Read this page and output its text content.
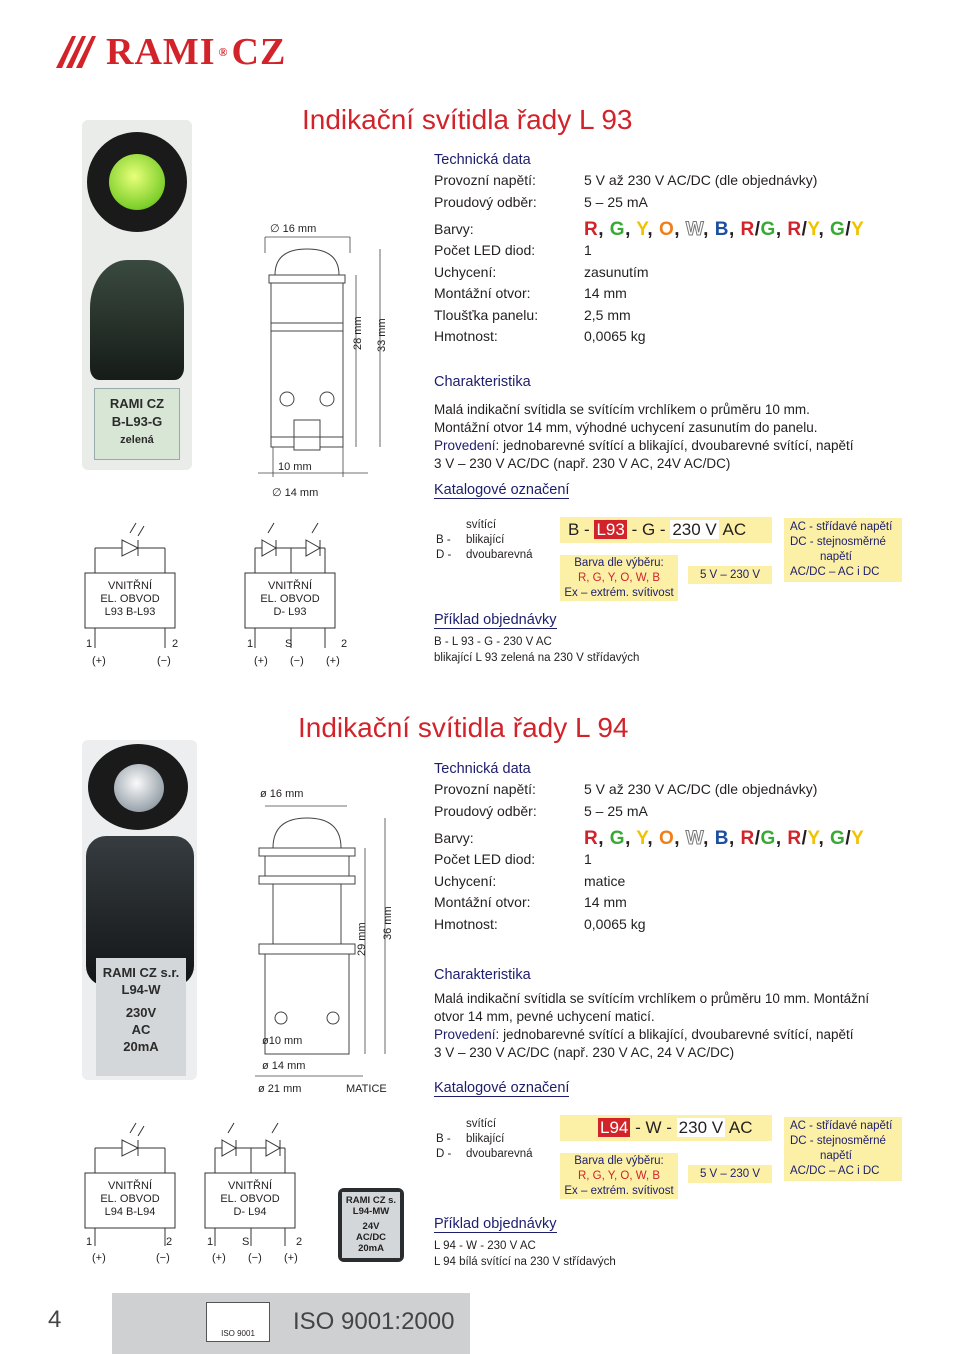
RAMI ® CZ
Indikační svítidla řady L 93
RAMI CZ
B-L93-G
zelená
∅ 16 mm
28 mm 33 mm
10 mm
∅ 14 mm
Technická data
Provozní napětí:	5 V až 230 V AC/DC (dle objednávky)
Proudový odběr:	5 – 25 mA
Barvy:	R, G, Y, O, W, B, R/G, R/Y, G/Y
Počet LED diod:	1
Uchycení:	zasunutím
Montážní otvor:	14 mm
Tloušťka panelu:	2,5 mm
Hmotnost:	0,0065 kg
Charakteristika
Malá indikační svítidla se svítícím vrchlíkem o průměru 10 mm.
Montážní otvor 14 mm, výhodné uchycení zasunutím do panelu.
Provedení: jednobarevné svítící a blikající, dvoubarevné svítící, napětí
3 V – 230 V AC/DC (např. 230 V AC, 24V AC/DC)
Katalogové označení
VNITŘNÍ
EL. OBVOD
L93 B-L93
VNITŘNÍ
EL. OBVOD
D- L93
1	2
(+)	(−)
1	S	2
(+) (−) (+)
svítící
B - blikající
D - dvoubarevná
B - L93 - G - 230 V AC
Barva dle výběru:
R, G, Y, O, W, B
Ex – extrém. svítivost
5 V – 230 V
AC - střídavé napětí
DC - stejnosměrné
napětí
AC/DC – AC i DC
Příklad objednávky
B - L 93 - G - 230 V AC
blikající L 93 zelená na 230 V střídavých
Indikační svítidla řady L 94
RAMI CZ s.r.
L94-W
230V
AC
20mA
ø 16 mm
29 mm 36 mm
ø10 mm
ø 14 mm
ø 21 mm	MATICE
Technická data
Provozní napětí:	5 V až 230 V AC/DC (dle objednávky)
Proudový odběr:	5 – 25 mA
Barvy:	R, G, Y, O, W, B, R/G, R/Y, G/Y
Počet LED diod:	1
Uchycení:	matice
Montážní otvor:	14 mm
Hmotnost:	0,0065 kg
Charakteristika
Malá indikační svítidla se svítícím vrchlíkem o průměru 10 mm. Montážní
otvor 14 mm, pevné uchycení maticí.
Provedení: jednobarevné svítící a blikající, dvoubarevné svítící, napětí
3 V – 230 V AC/DC (např. 230 V AC, 24 V AC/DC)
Katalogové označení
VNITŘNÍ
EL. OBVOD
L94 B-L94
VNITŘNÍ
EL. OBVOD
D- L94
1	2
(+)	(−)
1	S	2
(+) (−) (+)
RAMI CZ s.
L94-MW
24V
AC/DC
20mA
svítící
B - blikající
D - dvoubarevná
L94 - W - 230 V AC
Barva dle výběru:
R, G, Y, O, W, B
Ex – extrém. svítivost
5 V – 230 V
AC - střídavé napětí
DC - stejnosměrné
napětí
AC/DC – AC i DC
Příklad objednávky
L 94 - W - 230 V AC
L 94 bílá svítící na 230 V střídavých
4
ISO 9001	ISO 9001:2000
